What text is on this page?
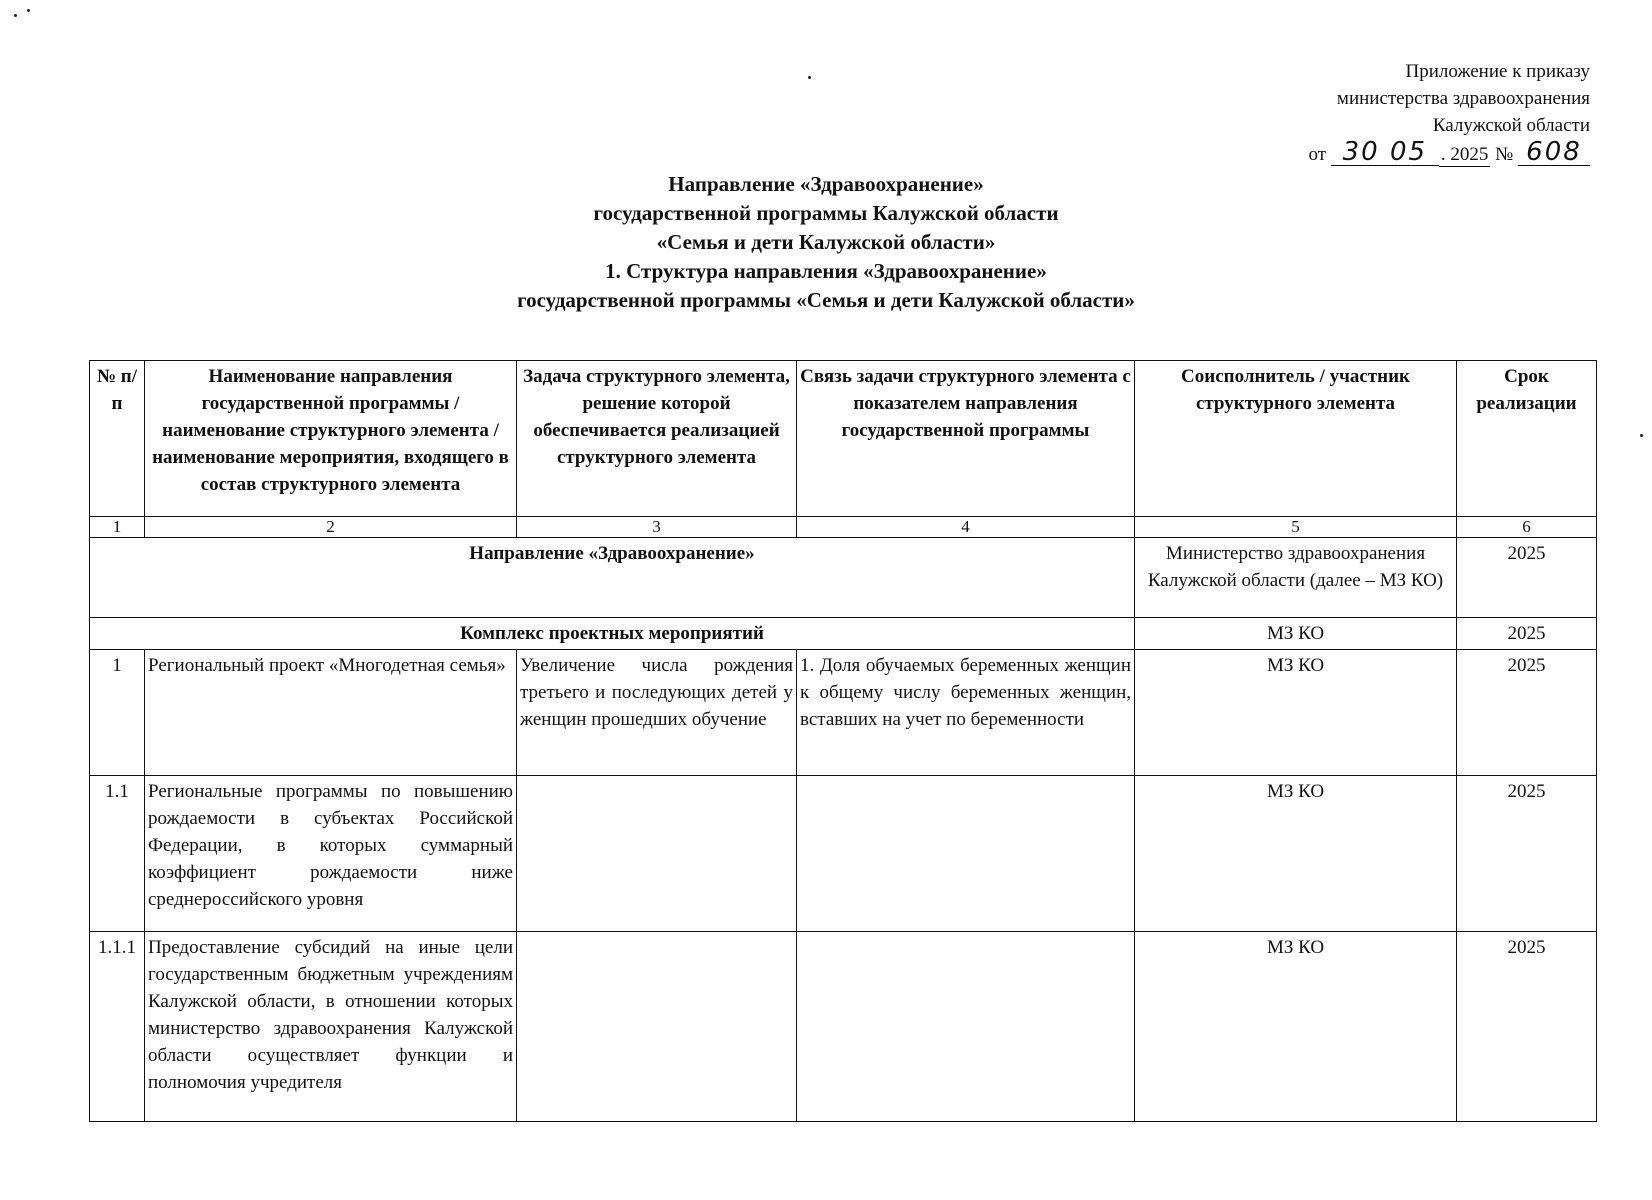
Приложение к приказу
министерства здравоохранения
Калужской области
от 30 05 . 2025 № 608
Направление «Здравоохранение»
государственной программы Калужской области
«Семья и дети Калужской области»
1. Структура направления «Здравоохранение»
государственной программы «Семья и дети Калужской области»
№ п/п	Наименование направления государственной программы / наименование структурного элемента / наименование мероприятия, входящего в состав структурного элемента	Задача структурного элемента, решение которой обеспечивается реализацией структурного элемента	Связь задачи структурного элемента с показателем направления государственной программы	Соисполнитель / участник структурного элемента	Срок реализации
1	2	3	4	5	6
Направление «Здравоохранение»				Министерство здравоохранения Калужской области (далее – МЗ КО)	2025
Комплекс проектных мероприятий				МЗ КО	2025
1	Региональный проект «Многодетная семья»	Увеличение числа рождения третьего и последующих детей у женщин прошедших обучение	1. Доля обучаемых беременных женщин к общему числу беременных женщин, вставших на учет по беременности	МЗ КО	2025
1.1	Региональные программы по повышению рождаемости в субъектах Российской Федерации, в которых суммарный коэффициент рождаемости ниже среднероссийского уровня			МЗ КО	2025
1.1.1	Предоставление субсидий на иные цели государственным бюджетным учреждениям Калужской области, в отношении которых министерство здравоохранения Калужской области осуществляет функции и полномочия учредителя			МЗ КО	2025
